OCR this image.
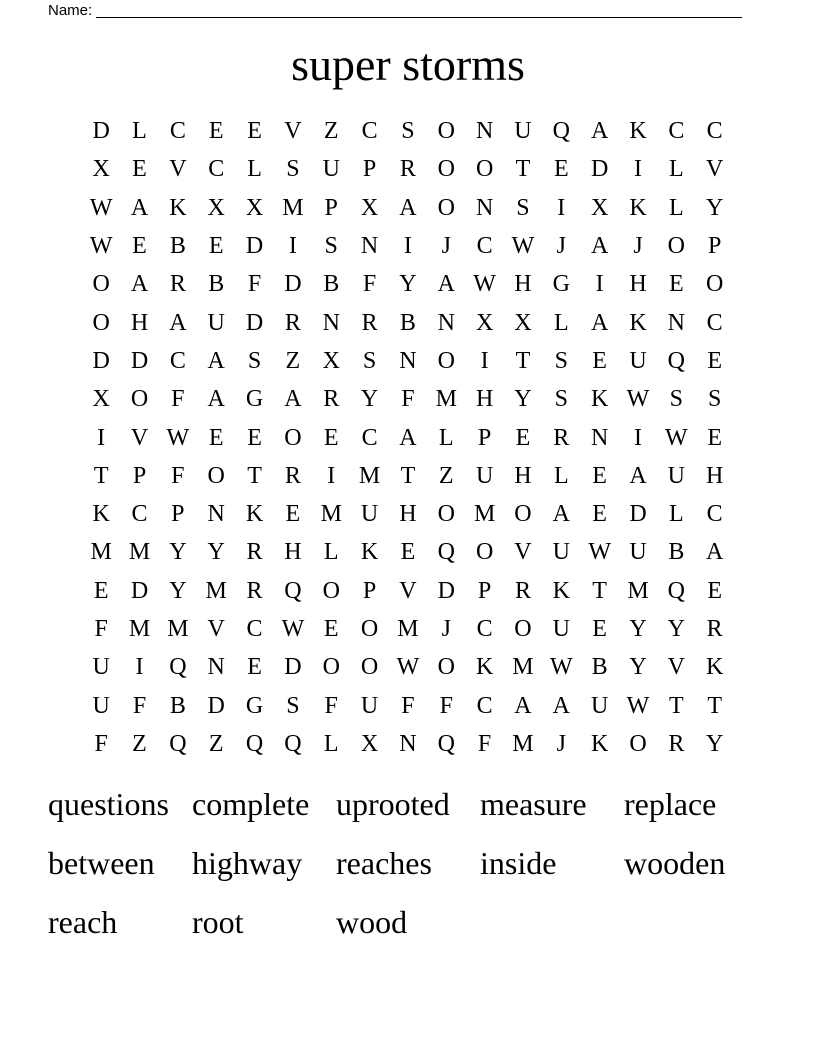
Name:
super storms
D L C E E V Z C S O N U Q A K C C
X E V C L	S U P R O O T E D	I	L V
W A K X X M P X A O N S	I	X K L Y
W E B E D	I	S N	I	J	C W J	A	J	O P
O A R B F D B F Y A W H G	I	H E O
O H A U D R N R B N X X L A K N C
D D C A S	Z X S N O	I	T	S	E U Q E
X O F A G A R Y F M H Y S K W S	S
I	V W E E O E C A L	P	E R N	I W E
T	P	F O T R	I M T Z U H L E A U H
K C P N K E M U H O M O A E D L C
M M Y Y R H L K E Q O V U W U B A
E D Y M R Q O P V D P R K T M Q E
F M M V C W E O M J	C O U E Y Y R
U	I	Q N E D O O W O K M W B Y V K
U F B D G S	F U F	F C A A U W T T
F	Z Q Z Q Q L X N Q F M J	K O R Y
questions complete uprooted measure	replace
between	highway	reaches	inside	wooden
reach	root	wood
